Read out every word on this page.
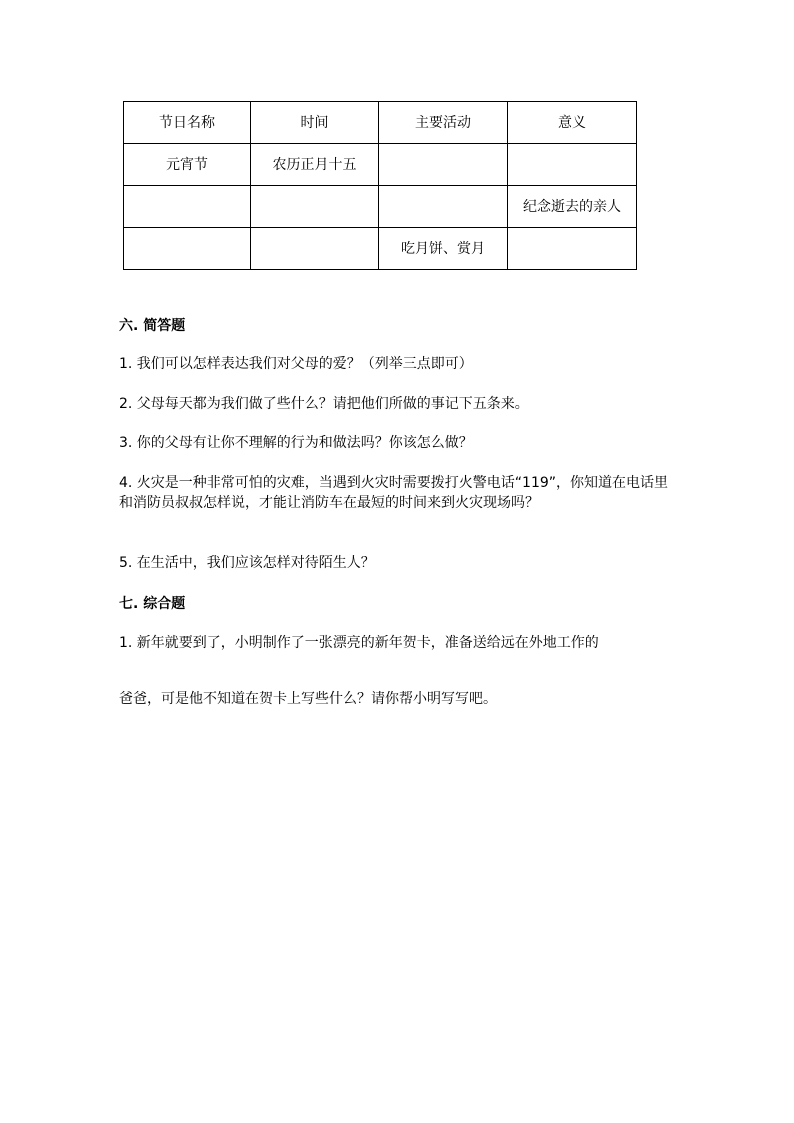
节日名称	时间	主要活动	意义
元宵节	农历正月十五		
			纪念逝去的亲人
		吃月饼、赏月	

六. 简答题

1. 我们可以怎样表达我们对父母的爱？（列举三点即可）

2. 父母每天都为我们做了些什么？请把他们所做的事记下五条来。

3. 你的父母有让你不理解的行为和做法吗？你该怎么做？

4. 火灾是一种非常可怕的灾难，当遇到火灾时需要拨打火警电话“119”，你知道在电话里和消防员叔叔怎样说，才能让消防车在最短的时间来到火灾现场吗？

5. 在生活中，我们应该怎样对待陌生人？

七. 综合题

1. 新年就要到了，小明制作了一张漂亮的新年贺卡，准备送给远在外地工作的

爸爸，可是他不知道在贺卡上写些什么？请你帮小明写写吧。
